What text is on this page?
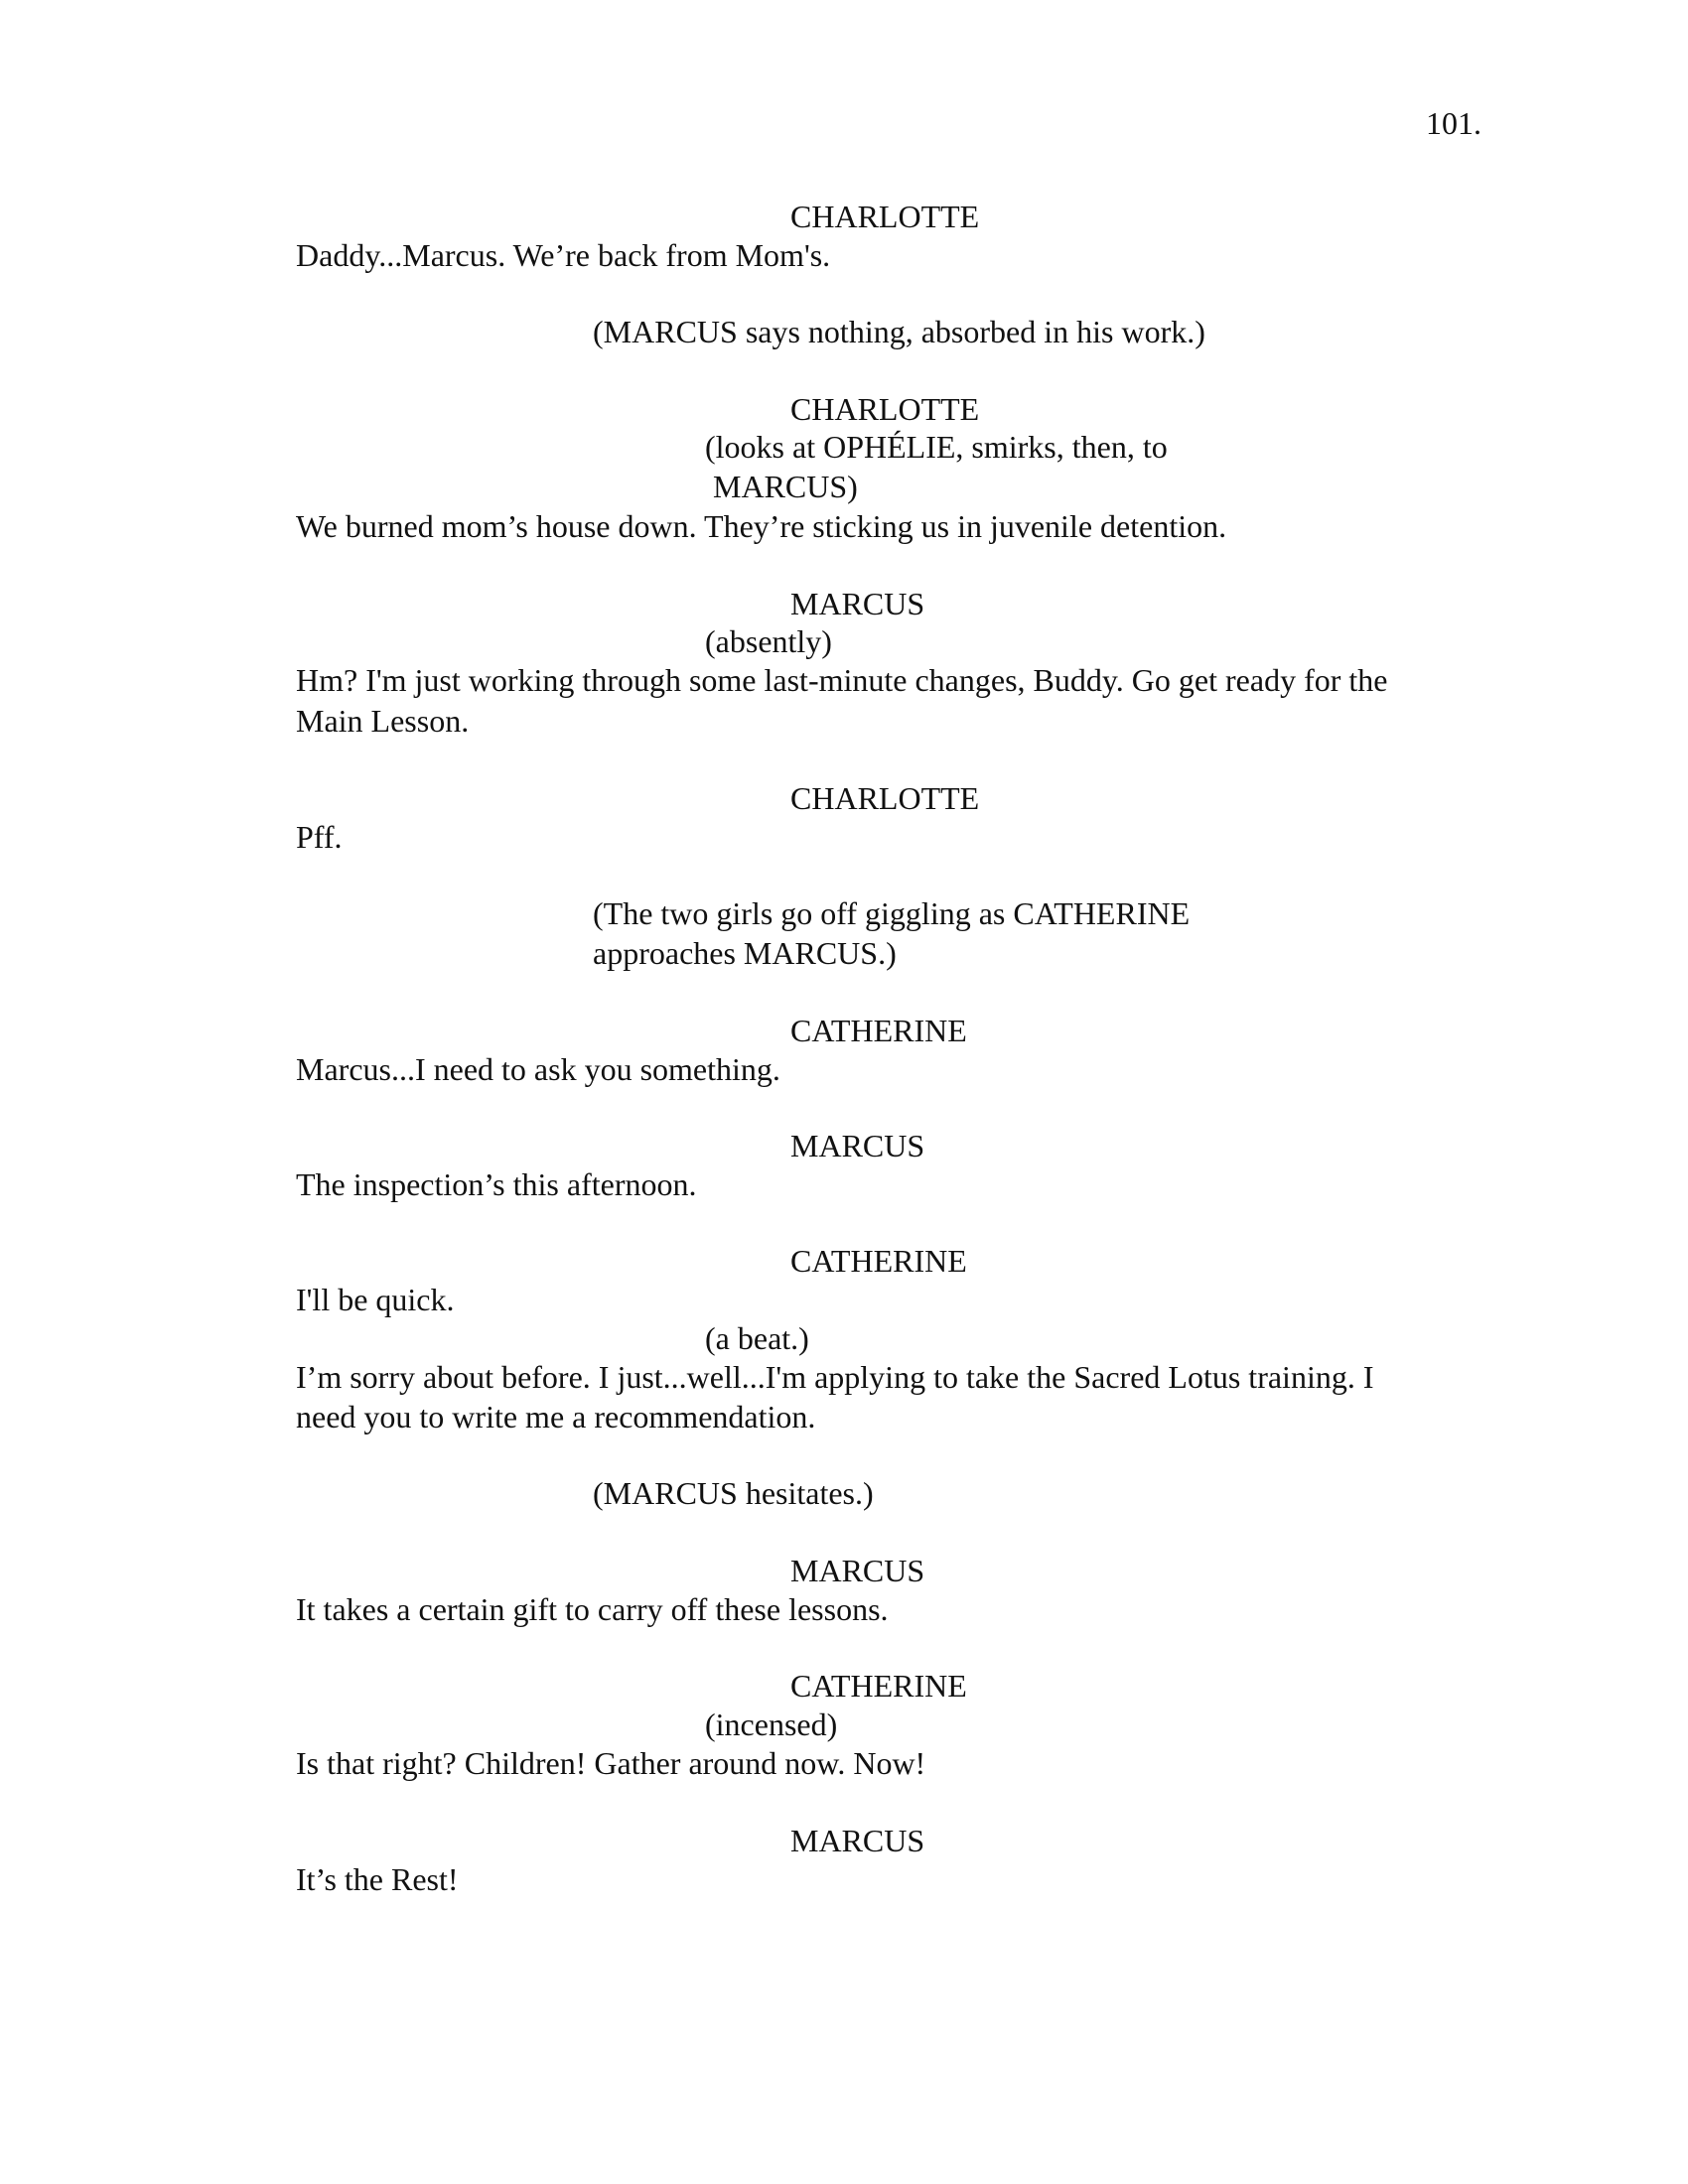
101.
CHARLOTTE
Daddy...Marcus. We’re back from Mom's.
(MARCUS says nothing, absorbed in his work.)
CHARLOTTE
(looks at OPHÉLIE, smirks, then, to
MARCUS)
We burned mom’s house down. They’re sticking us in juvenile detention.
MARCUS
(absently)
Hm? I'm just working through some last-minute changes, Buddy. Go get ready for the
Main Lesson.
CHARLOTTE
Pff.
(The two girls go off giggling as CATHERINE
approaches MARCUS.)
CATHERINE
Marcus...I need to ask you something.
MARCUS
The inspection’s this afternoon.
CATHERINE
I'll be quick.
(a beat.)
I’m sorry about before. I just...well...I'm applying to take the Sacred Lotus training. I
need you to write me a recommendation.
(MARCUS hesitates.)
MARCUS
It takes a certain gift to carry off these lessons.
CATHERINE
(incensed)
Is that right? Children! Gather around now. Now!
MARCUS
It’s the Rest!
